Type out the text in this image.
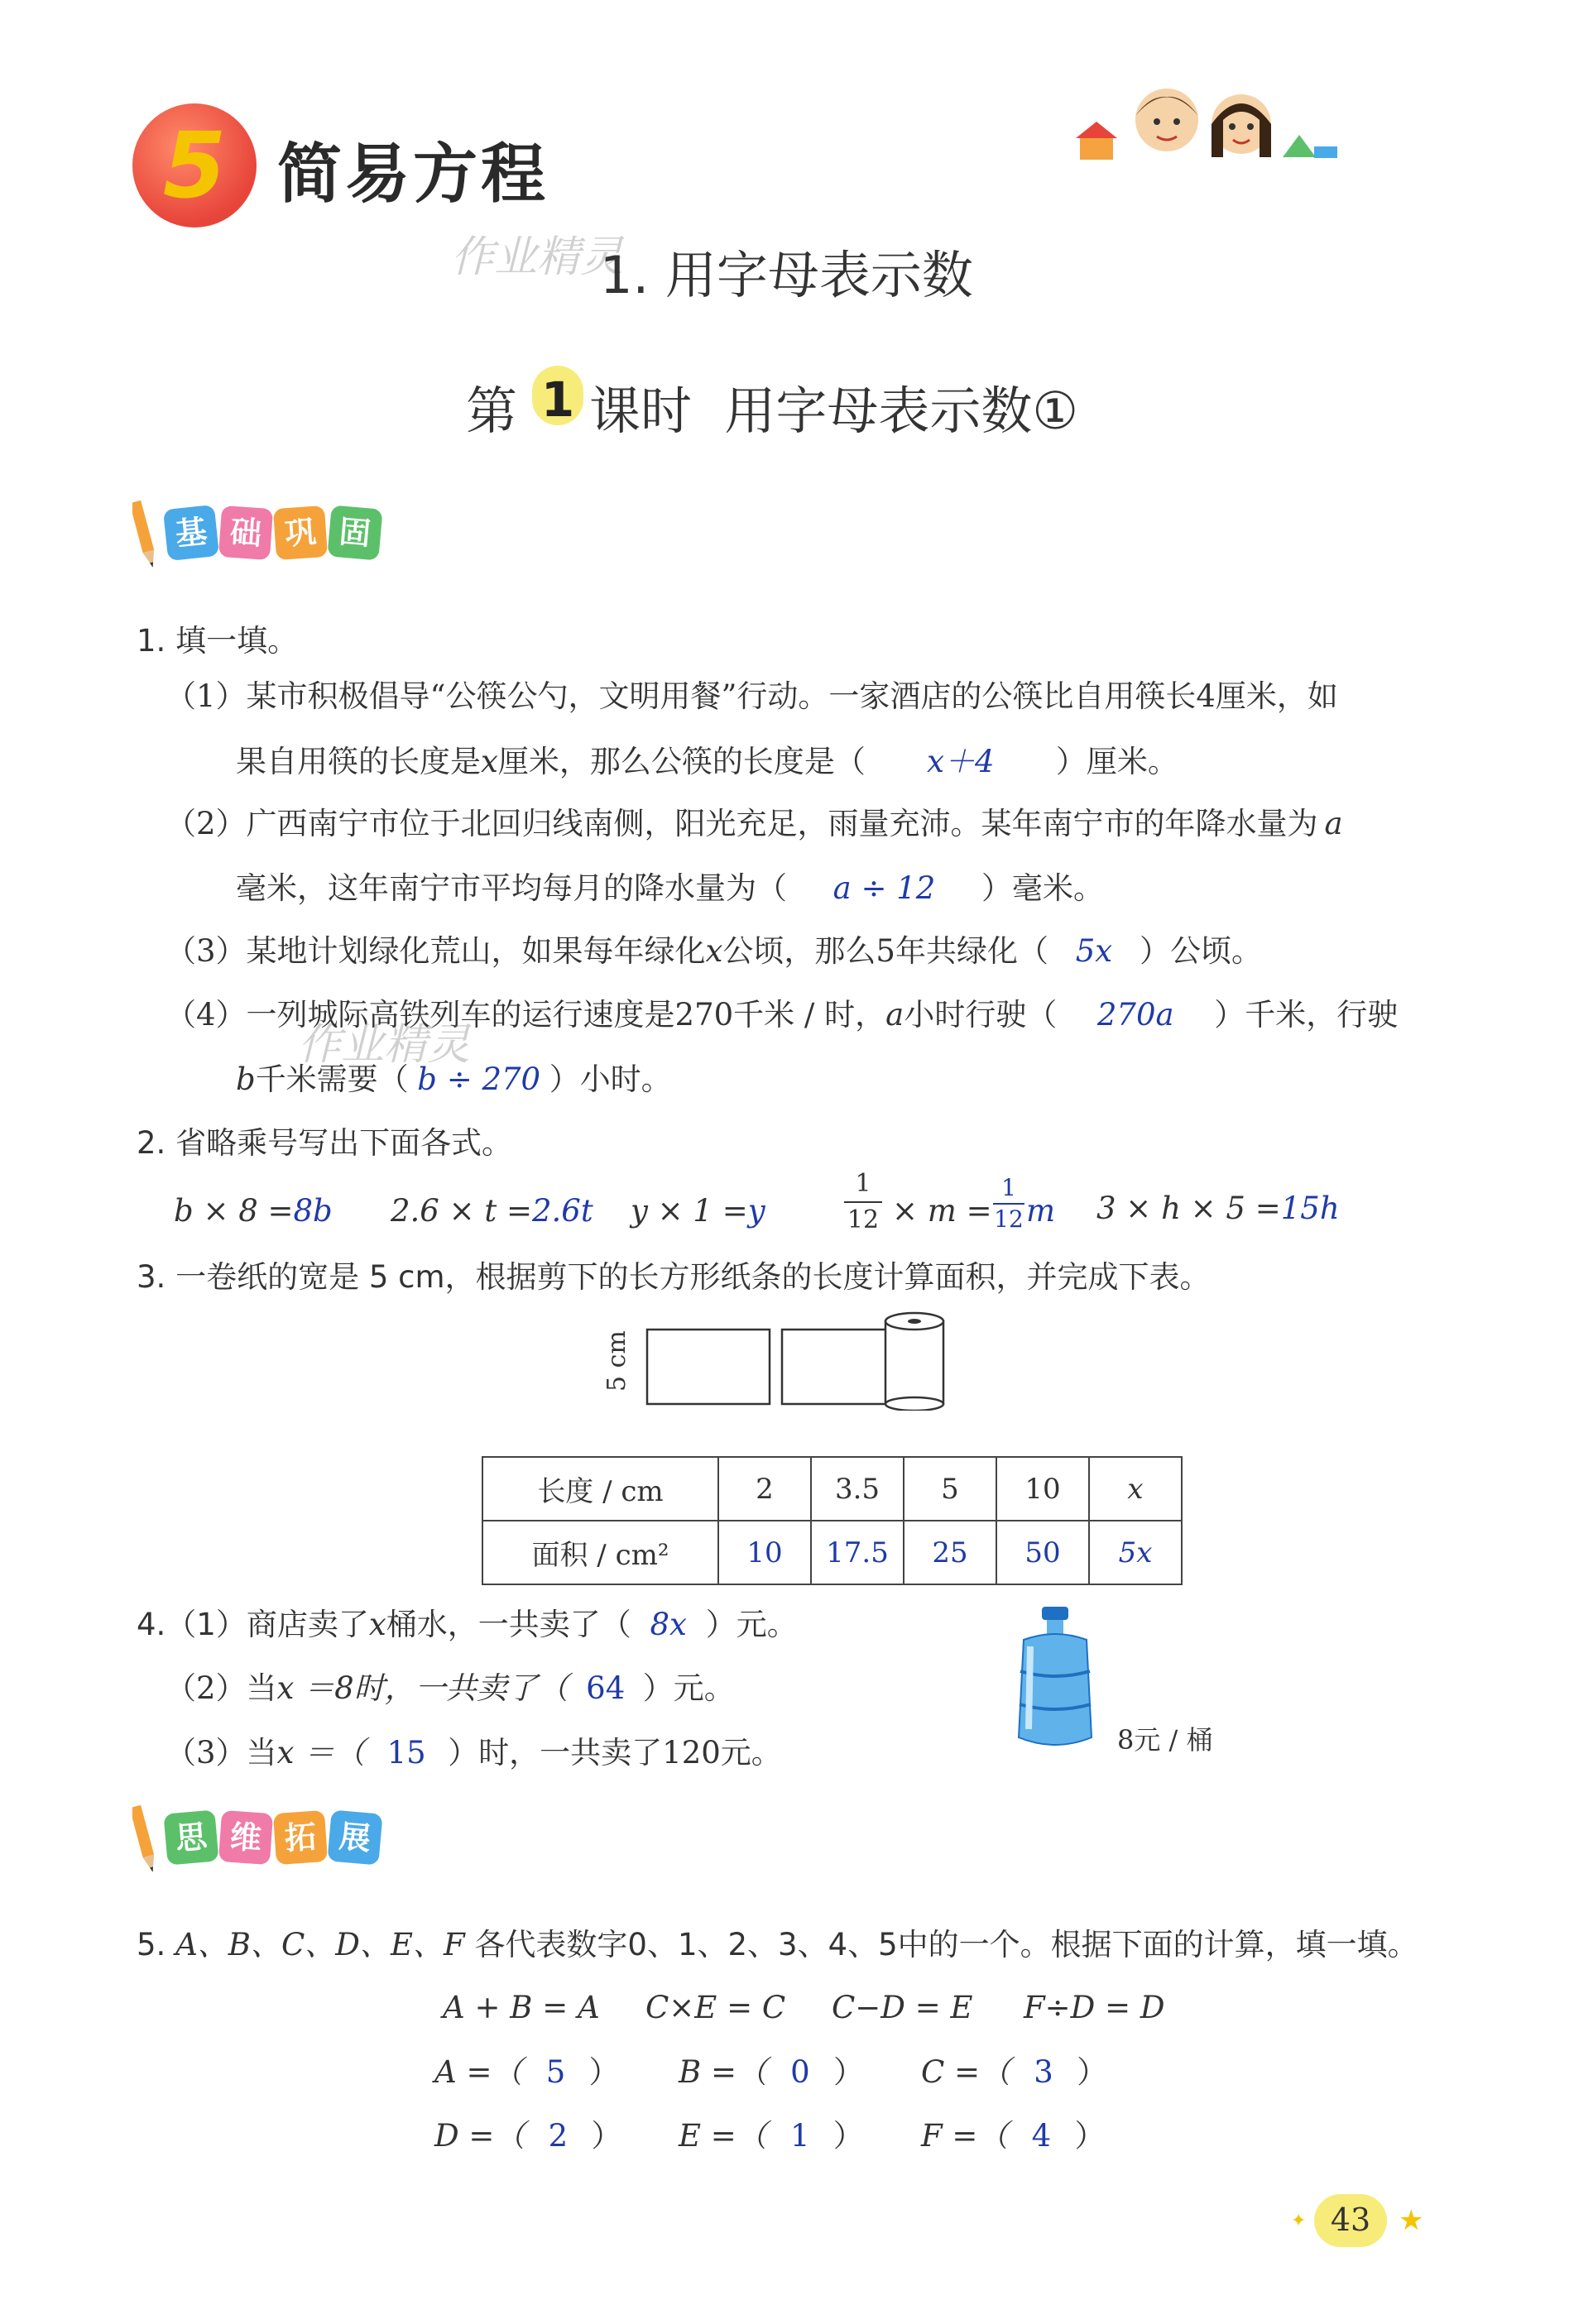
5 简易方程
作业精灵
1. 用字母表示数
第 1 课时  用字母表示数①
基 础 巩 固
1. 填一填。
（1）某市积极倡导“公筷公勺，文明用餐”行动。一家酒店的公筷比自用筷长4厘米，如
果自用筷的长度是x厘米，那么公筷的长度是（ x＋4 ）厘米。
（2）广西南宁市位于北回归线南侧，阳光充足，雨量充沛。某年南宁市的年降水量为 a
毫米，这年南宁市平均每月的降水量为（ a ÷ 12 ）毫米。
（3）某地计划绿化荒山，如果每年绿化x公顷，那么5年共绿化（ 5x ）公顷。
（4）一列城际高铁列车的运行速度是270千米 / 时，a小时行驶（ 270a ）千米，行驶
b千米需要（ b ÷ 270 ）小时。
作业精灵
2. 省略乘号写出下面各式。
b × 8 =8b 2.6 × t =2.6t y × 1 =y
1
12 × m =
1
12 m 3 × h × 5 =15h
3. 一卷纸的宽是 5 cm，根据剪下的长方形纸条的长度计算面积，并完成下表。
5 cm
长度 / cm	2	3.5	5	10	x
面积 / cm²	10	17.5	25	50	5x
4.（1）商店卖了x桶水，一共卖了（ 8x ）元。
（2）当x ＝8时，一共卖了（ 64 ）元。
（3）当x ＝（ 15 ）时，一共卖了120元。	8元 / 桶
思 维 拓 展
5. A、B、C、D、E、F 各代表数字0、1、2、3、4、5中的一个。根据下面的计算，填一填。
A + B = A C×E = C C−D = E F÷D = D
A =（ 5 ） B =（ 0 ） C =（ 3 ）
D =（ 2 ） E =（ 1 ） F =（ 4 ）
✦ 43 ★
